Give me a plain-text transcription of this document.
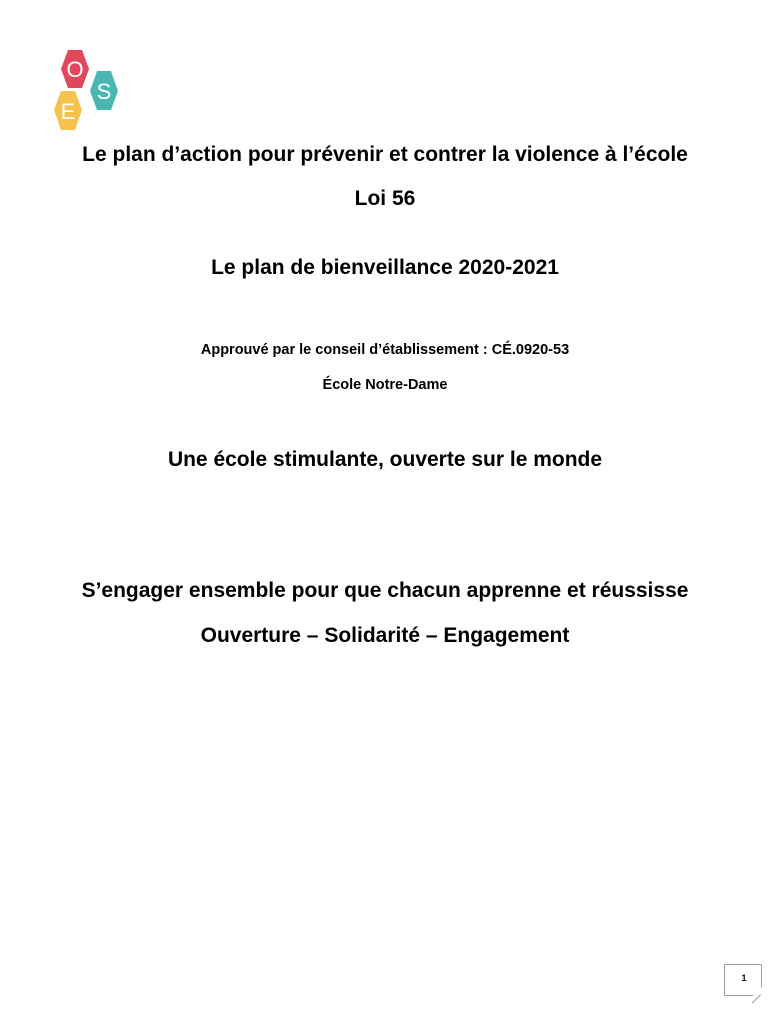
O
S
E
Le plan d’action pour prévenir et contrer la violence à l’école
Loi 56
Le plan de bienveillance 2020-2021
Approuvé par le conseil d’établissement : CÉ.0920-53
École Notre-Dame
Une école stimulante, ouverte sur le monde
S’engager ensemble pour que chacun apprenne et réussisse
Ouverture – Solidarité – Engagement
1
